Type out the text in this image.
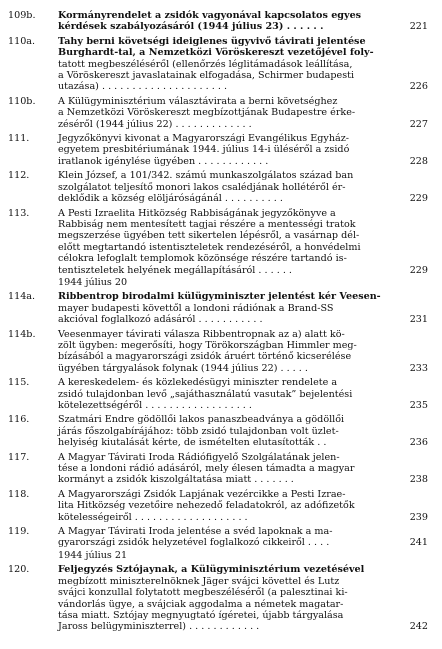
109b.	Kormányrendelet a zsidók vagyonával kapcsolatos egyes
kérdések szabályozásáról (1944 július 23) . . . . . .	221
110a.	Tahy berni követségi ideiglenes ügyvivő távirati jelentése
Burghardt-tal, a Nemzetközi Vöröskereszt vezetőjével foly-
tatott megbeszéléséről (ellenőrzés léglitámadások leállítása,
a Vöröskereszt javaslatainak elfogadása, Schirmer budapesti
utazása) . . . . . . . . . . . . . . . . . . . . .	226
110b.	A Külügyminisztérium választávirata a berni követséghez
a Nemzetközi Vöröskereszt megbízottjának Budapestre érke-
zéséről (1944 július 22) . . . . . . . . . . . . .	227
111.	Jegyzőkönyvi kivonat a Magyarországi Evangélikus Egyház-
egyetem presbitériumának 1944. július 14-i üléséről a zsidó
iratlanok igénylése ügyében . . . . . . . . . . . .	228
112.	Klein József, a 101/342. számú munkaszolgálatos század ban
szolgálatot teljesítő monori lakos csalédjának hollétéről ér-
deklődik a község elöljáróságánál . . . . . . . . . .	229
113.	A Pesti Izraelita Hitközség Rabbiságának jegyzőkönyve a
Rabbiság nem mentesített tagjai részére a mentességi tratok
megszerzése ügyében tett sikertelen lépésről, a vasárnap dél-
előtt megtartandó istentiszteletek rendezéséről, a honvédelmi
célokra lefoglalt templomok közönsége részére tartandó is-
tentiszteletek helyének megállapításáról . . . . . .	229
1944 július 20
114a.	Ribbentrop birodalmi külügyminiszter jelentést kér Veesen-
mayer budapesti követtől a londoni rádiónak a Brand-SS
akcióval foglalkozó adásáról . . . . . . . . . . .	231
114b.	Veesenmayer távirati válasza Ribbentropnak az a) alatt kö-
zölt ügyben: megerősíti, hogy Törökországban Himmler meg-
bízásából a magyarországi zsidók áruért történő kicserélése
ügyében tárgyalások folynak (1944 július 22) . . . . .	233
115.	A kereskedelem- és közlekedésügyi miniszter rendelete a
zsidó tulajdonban levő „sajáthasználatú vasutak” bejelentési
kötelezettségéről . . . . . . . . . . . . . . . . . .	235
116.	Szatmári Endre gödöllői lakos panaszbeadványa a gödöllői
járás főszolgabírájához: több zsidó tulajdonban volt üzlet-
helyiség kiutalását kérte, de ismételten elutasították . .	236
117.	A Magyar Távirati Iroda Rádiófigyelő Szolgálatának jelen-
tése a londoni rádió adásáról, mely élesen támadta a magyar
kormányt a zsidók kiszolgáltatása miatt . . . . . . .	238
118.	A Magyarországi Zsidók Lapjának vezércikke a Pesti Izrae-
lita Hitközség vezetőire nehezedő feladatokról, az adófizetők
kötelességeiről . . . . . . . . . . . . . . . . . . .	239
119.	A Magyar Távirati Iroda jelentése a svéd lapoknak a ma-
gyarországi zsidók helyzetével foglalkozó cikkeiről . . . .	241
1944 július 21
120.	Feljegyzés Sztójaynak, a Külügyminisztérium vezetésével
megbízott miniszterelnöknek Jäger svájci követtel és Lutz
svájci konzullal folytatott megbeszéléséről (a palesztinai ki-
vándorlás ügye, a svájciak aggodalma a németek magatar-
tása miatt. Sztójay megnyugtató ígéretei, újabb tárgyalása
Jaross belügyminiszterrel) . . . . . . . . . . . .	242
